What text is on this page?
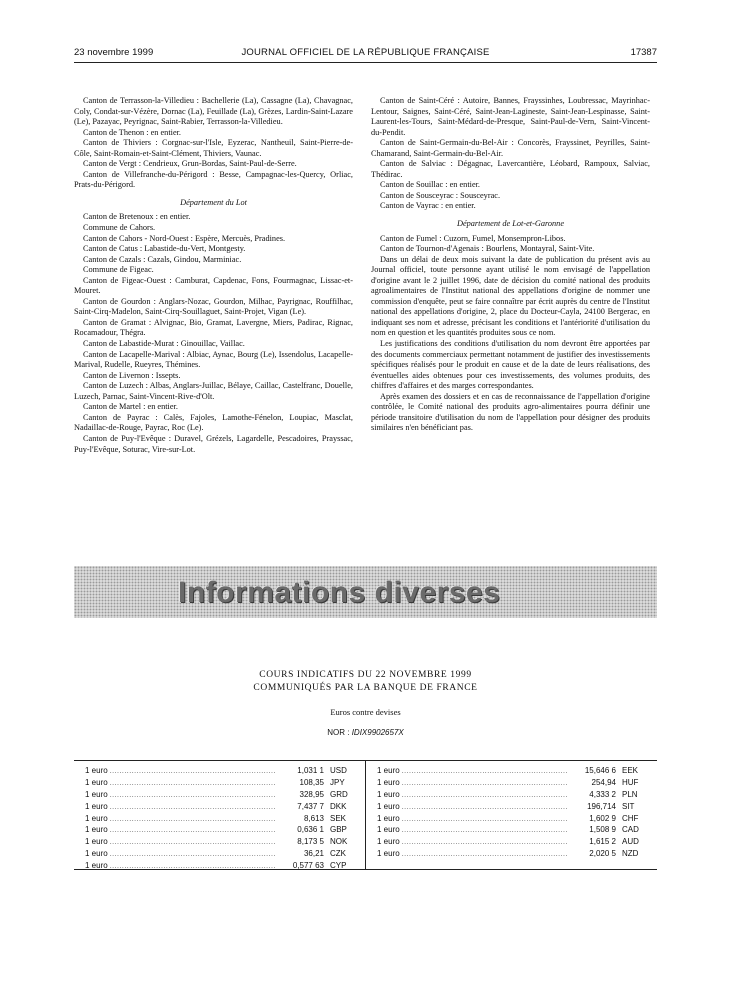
23 novembre 1999	JOURNAL OFFICIEL DE LA RÉPUBLIQUE FRANÇAISE	17387

Canton de Terrasson-la-Villedieu : Bachellerie (La), Cassagne (La), Chavagnac, Coly, Condat-sur-Vézère, Dornac (La), Feuillade (La), Grèzes, Lardin-Saint-Lazare (Le), Pazayac, Peyrignac, Saint-Rabier, Terrasson-la-Villedieu.

Canton de Thenon : en entier.

Canton de Thiviers : Corgnac-sur-l'Isle, Eyzerac, Nantheuil, Saint-Pierre-de-Côle, Saint-Romain-et-Saint-Clément, Thiviers, Vaunac.

Canton de Vergt : Cendrieux, Grun-Bordas, Saint-Paul-de-Serre.

Canton de Villefranche-du-Périgord : Besse, Campagnac-les-Quercy, Orliac, Prats-du-Périgord.

Département du Lot

Canton de Bretenoux : en entier.

Commune de Cahors.

Canton de Cahors - Nord-Ouest : Espère, Mercuès, Pradines.

Canton de Catus : Labastide-du-Vert, Montgesty.

Canton de Cazals : Cazals, Gindou, Marminiac.

Commune de Figeac.

Canton de Figeac-Ouest : Camburat, Capdenac, Fons, Fourmagnac, Lissac-et-Mouret.

Canton de Gourdon : Anglars-Nozac, Gourdon, Milhac, Payrignac, Rouffilhac, Saint-Cirq-Madelon, Saint-Cirq-Souillaguet, Saint-Projet, Vigan (Le).

Canton de Gramat : Alvignac, Bio, Gramat, Lavergne, Miers, Padirac, Rignac, Rocamadour, Thégra.

Canton de Labastide-Murat : Ginouillac, Vaillac.

Canton de Lacapelle-Marival : Albiac, Aynac, Bourg (Le), Issendolus, Lacapelle-Marival, Rudelle, Rueyres, Thémines.

Canton de Livernon : Issepts.

Canton de Luzech : Albas, Anglars-Juillac, Bélaye, Caillac, Castelfranc, Douelle, Luzech, Parnac, Saint-Vincent-Rive-d'Olt.

Canton de Martel : en entier.

Canton de Payrac : Calès, Fajoles, Lamothe-Fénelon, Loupiac, Masclat, Nadaillac-de-Rouge, Payrac, Roc (Le).

Canton de Puy-l'Evêque : Duravel, Grézels, Lagardelle, Pescadoires, Prayssac, Puy-l'Evêque, Soturac, Vire-sur-Lot.

Canton de Saint-Céré : Autoire, Bannes, Frayssinhes, Loubressac, Mayrinhac-Lentour, Saignes, Saint-Céré, Saint-Jean-Lagineste, Saint-Jean-Lespinasse, Saint-Laurent-les-Tours, Saint-Médard-de-Presque, Saint-Paul-de-Vern, Saint-Vincent-du-Pendit.

Canton de Saint-Germain-du-Bel-Air : Concorès, Frayssinet, Peyrilles, Saint-Chamarand, Saint-Germain-du-Bel-Air.

Canton de Salviac : Dégagnac, Lavercantière, Léobard, Rampoux, Salviac, Thédirac.

Canton de Souillac : en entier.

Canton de Sousceyrac : Sousceyrac.

Canton de Vayrac : en entier.

Département de Lot-et-Garonne

Canton de Fumel : Cuzorn, Fumel, Monsempron-Libos.

Canton de Tournon-d'Agenais : Bourlens, Montayral, Saint-Vite.

Dans un délai de deux mois suivant la date de publication du présent avis au Journal officiel, toute personne ayant utilisé le nom envisagé de l'appellation d'origine avant le 2 juillet 1996, date de décision du comité national des produits agroalimentaires de l'Institut national des appellations d'origine de nommer une commission d'enquête, peut se faire connaître par écrit auprès du centre de l'Institut national des appellations d'origine, 2, place du Docteur-Cayla, 24100 Bergerac, en indiquant ses nom et adresse, précisant les conditions et l'antériorité d'utilisation du nom en question et les quantités produites sous ce nom.

Les justifications des conditions d'utilisation du nom devront être apportées par des documents commerciaux permettant notamment de justifier des investissements spécifiques réalisés pour le produit en cause et de la date de leurs réalisations, des éventuelles aides obtenues pour ces investissements, des volumes produits, des chiffres d'affaires et des marges correspondantes.

Après examen des dossiers et en cas de reconnaissance de l'appellation d'origine contrôlée, le Comité national des produits agro-alimentaires pourra définir une période transitoire d'utilisation du nom de l'appellation pour désigner des produits similaires n'en bénéficiant pas.

Informations diverses
COURS INDICATIFS DU 22 NOVEMBRE 1999
COMMUNIQUÉS PAR LA BANQUE DE FRANCE
Euros contre devises
NOR : IDIX9902657X
1 euro .....	1,031 1 USD
1 euro .....	108,35 JPY
1 euro .....	328,95 GRD
1 euro .....	7,437 7 DKK
1 euro .....	8,613 SEK
1 euro .....	0,636 1 GBP
1 euro .....	8,173 5 NOK
1 euro .....	36,21 CZK
1 euro .....	0,577 63 CYP
1 euro .....	15,646 6 EEK
1 euro .....	254,94 HUF
1 euro .....	4,333 2 PLN
1 euro .....	196,714 SIT
1 euro .....	1,602 9 CHF
1 euro .....	1,508 9 CAD
1 euro .....	1,615 2 AUD
1 euro .....	2,020 5 NZD
